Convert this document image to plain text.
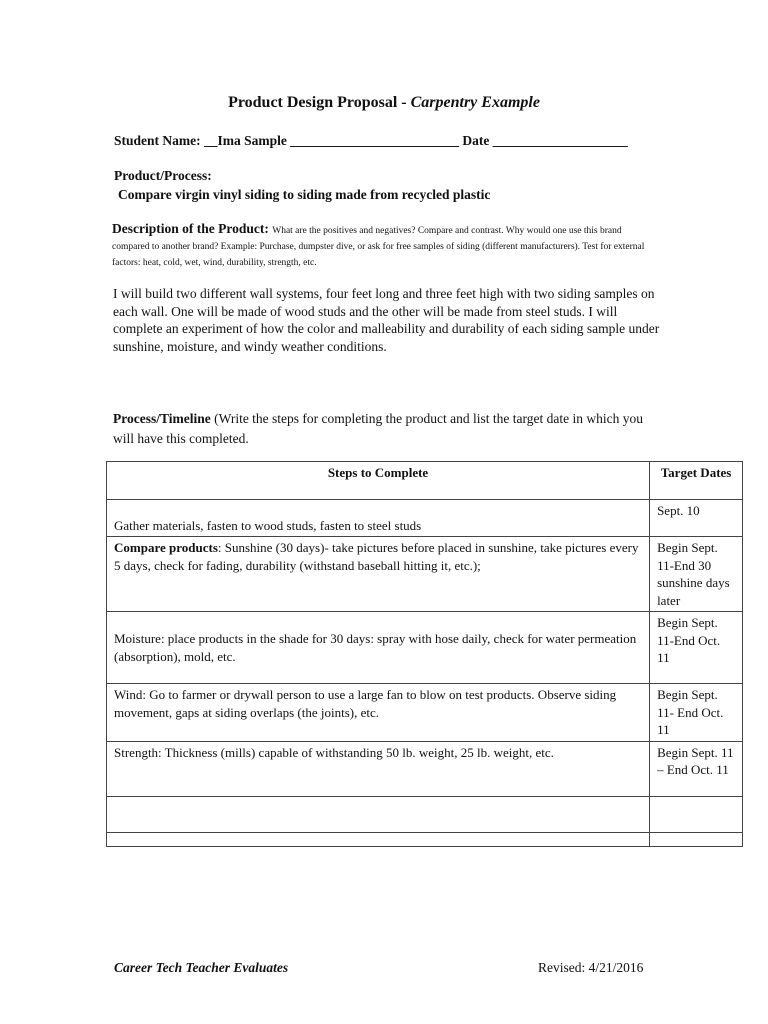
Product Design Proposal - Carpentry Example
Student Name: __Ima Sample _________________________ Date ____________________
Product/Process:
Compare virgin vinyl siding to siding made from recycled plastic
Description of the Product: What are the positives and negatives? Compare and contrast. Why would one use this brand compared to another brand? Example: Purchase, dumpster dive, or ask for free samples of siding (different manufacturers). Test for external factors: heat, cold, wet, wind, durability, strength, etc.
I will build two different wall systems, four feet long and three feet high with two siding samples on each wall. One will be made of wood studs and the other will be made from steel studs. I will complete an experiment of how the color and malleability and durability of each siding sample under sunshine, moisture, and windy weather conditions.
Process/Timeline (Write the steps for completing the product and list the target date in which you will have this completed.
Steps to Complete	Target Dates
Gather materials, fasten to wood studs, fasten to steel studs	Sept. 10
Compare products: Sunshine (30 days)- take pictures before placed in sunshine, take pictures every 5 days, check for fading, durability (withstand baseball hitting it, etc.);	Begin Sept. 11-End 30 sunshine days later
Moisture: place products in the shade for 30 days: spray with hose daily, check for water permeation (absorption), mold, etc.	Begin Sept. 11-End Oct. 11
Wind: Go to farmer or drywall person to use a large fan to blow on test products. Observe siding movement, gaps at siding overlaps (the joints), etc.	Begin Sept. 11- End Oct. 11
Strength: Thickness (mills) capable of withstanding 50 lb. weight, 25 lb. weight, etc.	Begin Sept. 11 – End Oct. 11

Career Tech Teacher Evaluates	Revised: 4/21/2016
